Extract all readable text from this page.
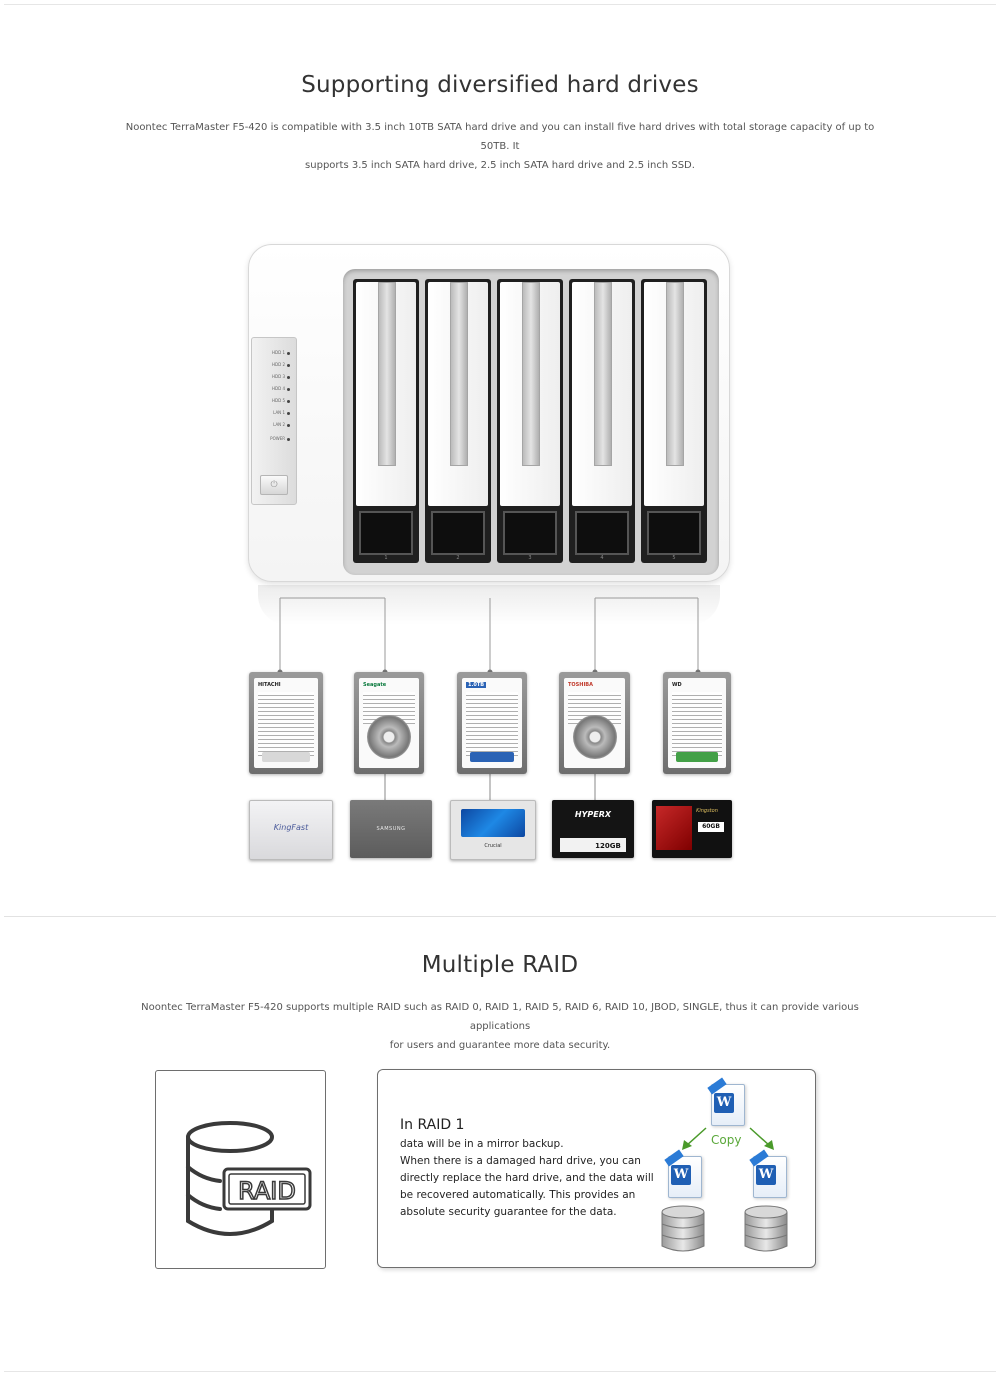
Supporting diversified hard drives
Noontec TerraMaster F5-420 is compatible with 3.5 inch 10TB SATA hard drive and you can install five hard drives with total storage capacity of up to 50TB. It
supports 3.5 inch SATA hard drive, 2.5 inch SATA hard drive and 2.5 inch SSD.
HDD 1
HDD 2
HDD 3
HDD 4
HDD 5
LAN 1
LAN 2
POWER
⏻
1	2	3	4	5
HITACHI	Seagate	1.0TB	TOSHIBA	WD
KingFast	SAMSUNG
Crucial
HYPERX
120GB
Kingston
60GB
Multiple RAID
Noontec TerraMaster F5-420 supports multiple RAID such as RAID 0, RAID 1, RAID 5, RAID 6, RAID 10, JBOD, SINGLE, thus it can provide various applications
for users and guarantee more data security.
RAID
In RAID 1
data will be in a mirror backup.
When there is a damaged hard drive, you can
directly replace the hard drive, and the data will
be recovered automatically. This provides an
absolute security guarantee for the data.
W
W	W
Copy
